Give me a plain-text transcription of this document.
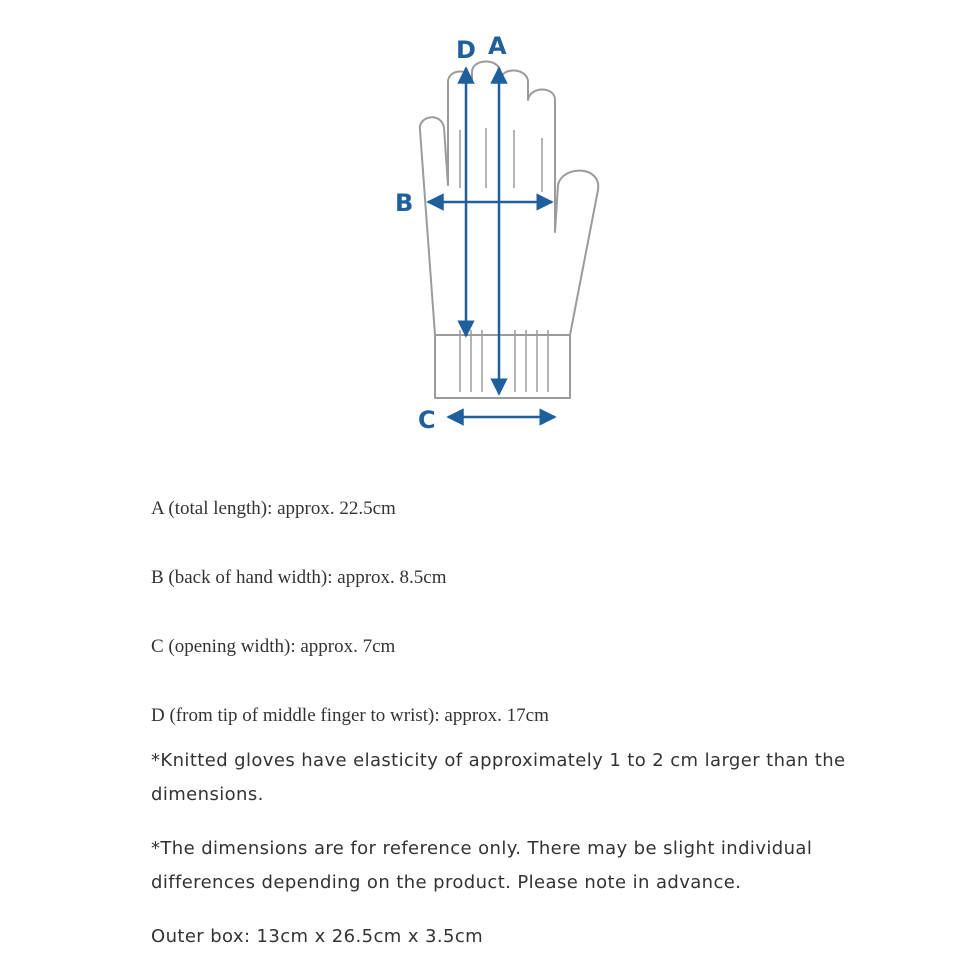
D A
B
C

A (total length): approx. 22.5cm

B (back of hand width): approx. 8.5cm

C (opening width): approx. 7cm

D (from tip of middle finger to wrist): approx. 17cm

*Knitted gloves have elasticity of approximately 1 to 2 cm larger than the dimensions.

*The dimensions are for reference only. There may be slight individual differences depending on the product. Please note in advance.

Outer box: 13cm x 26.5cm x 3.5cm
